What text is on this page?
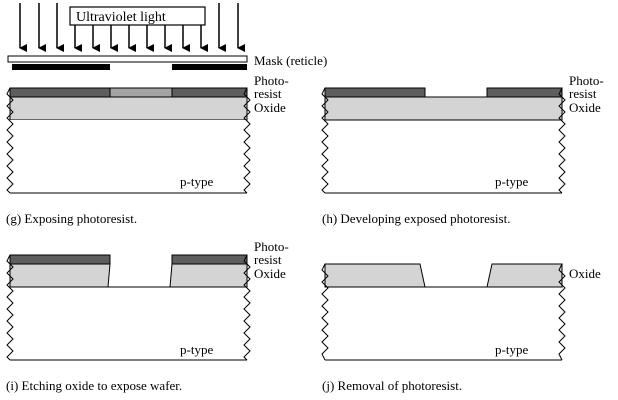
Ultraviolet light
Mask (reticle)
Photo-
resist
Oxide
p-type
(g) Exposing photoresist.
Photo-
resist
Oxide
p-type
(h) Developing exposed photoresist.
Photo-
resist
Oxide
p-type
(i) Etching oxide to expose wafer.
Oxide
p-type
(j) Removal of photoresist.
